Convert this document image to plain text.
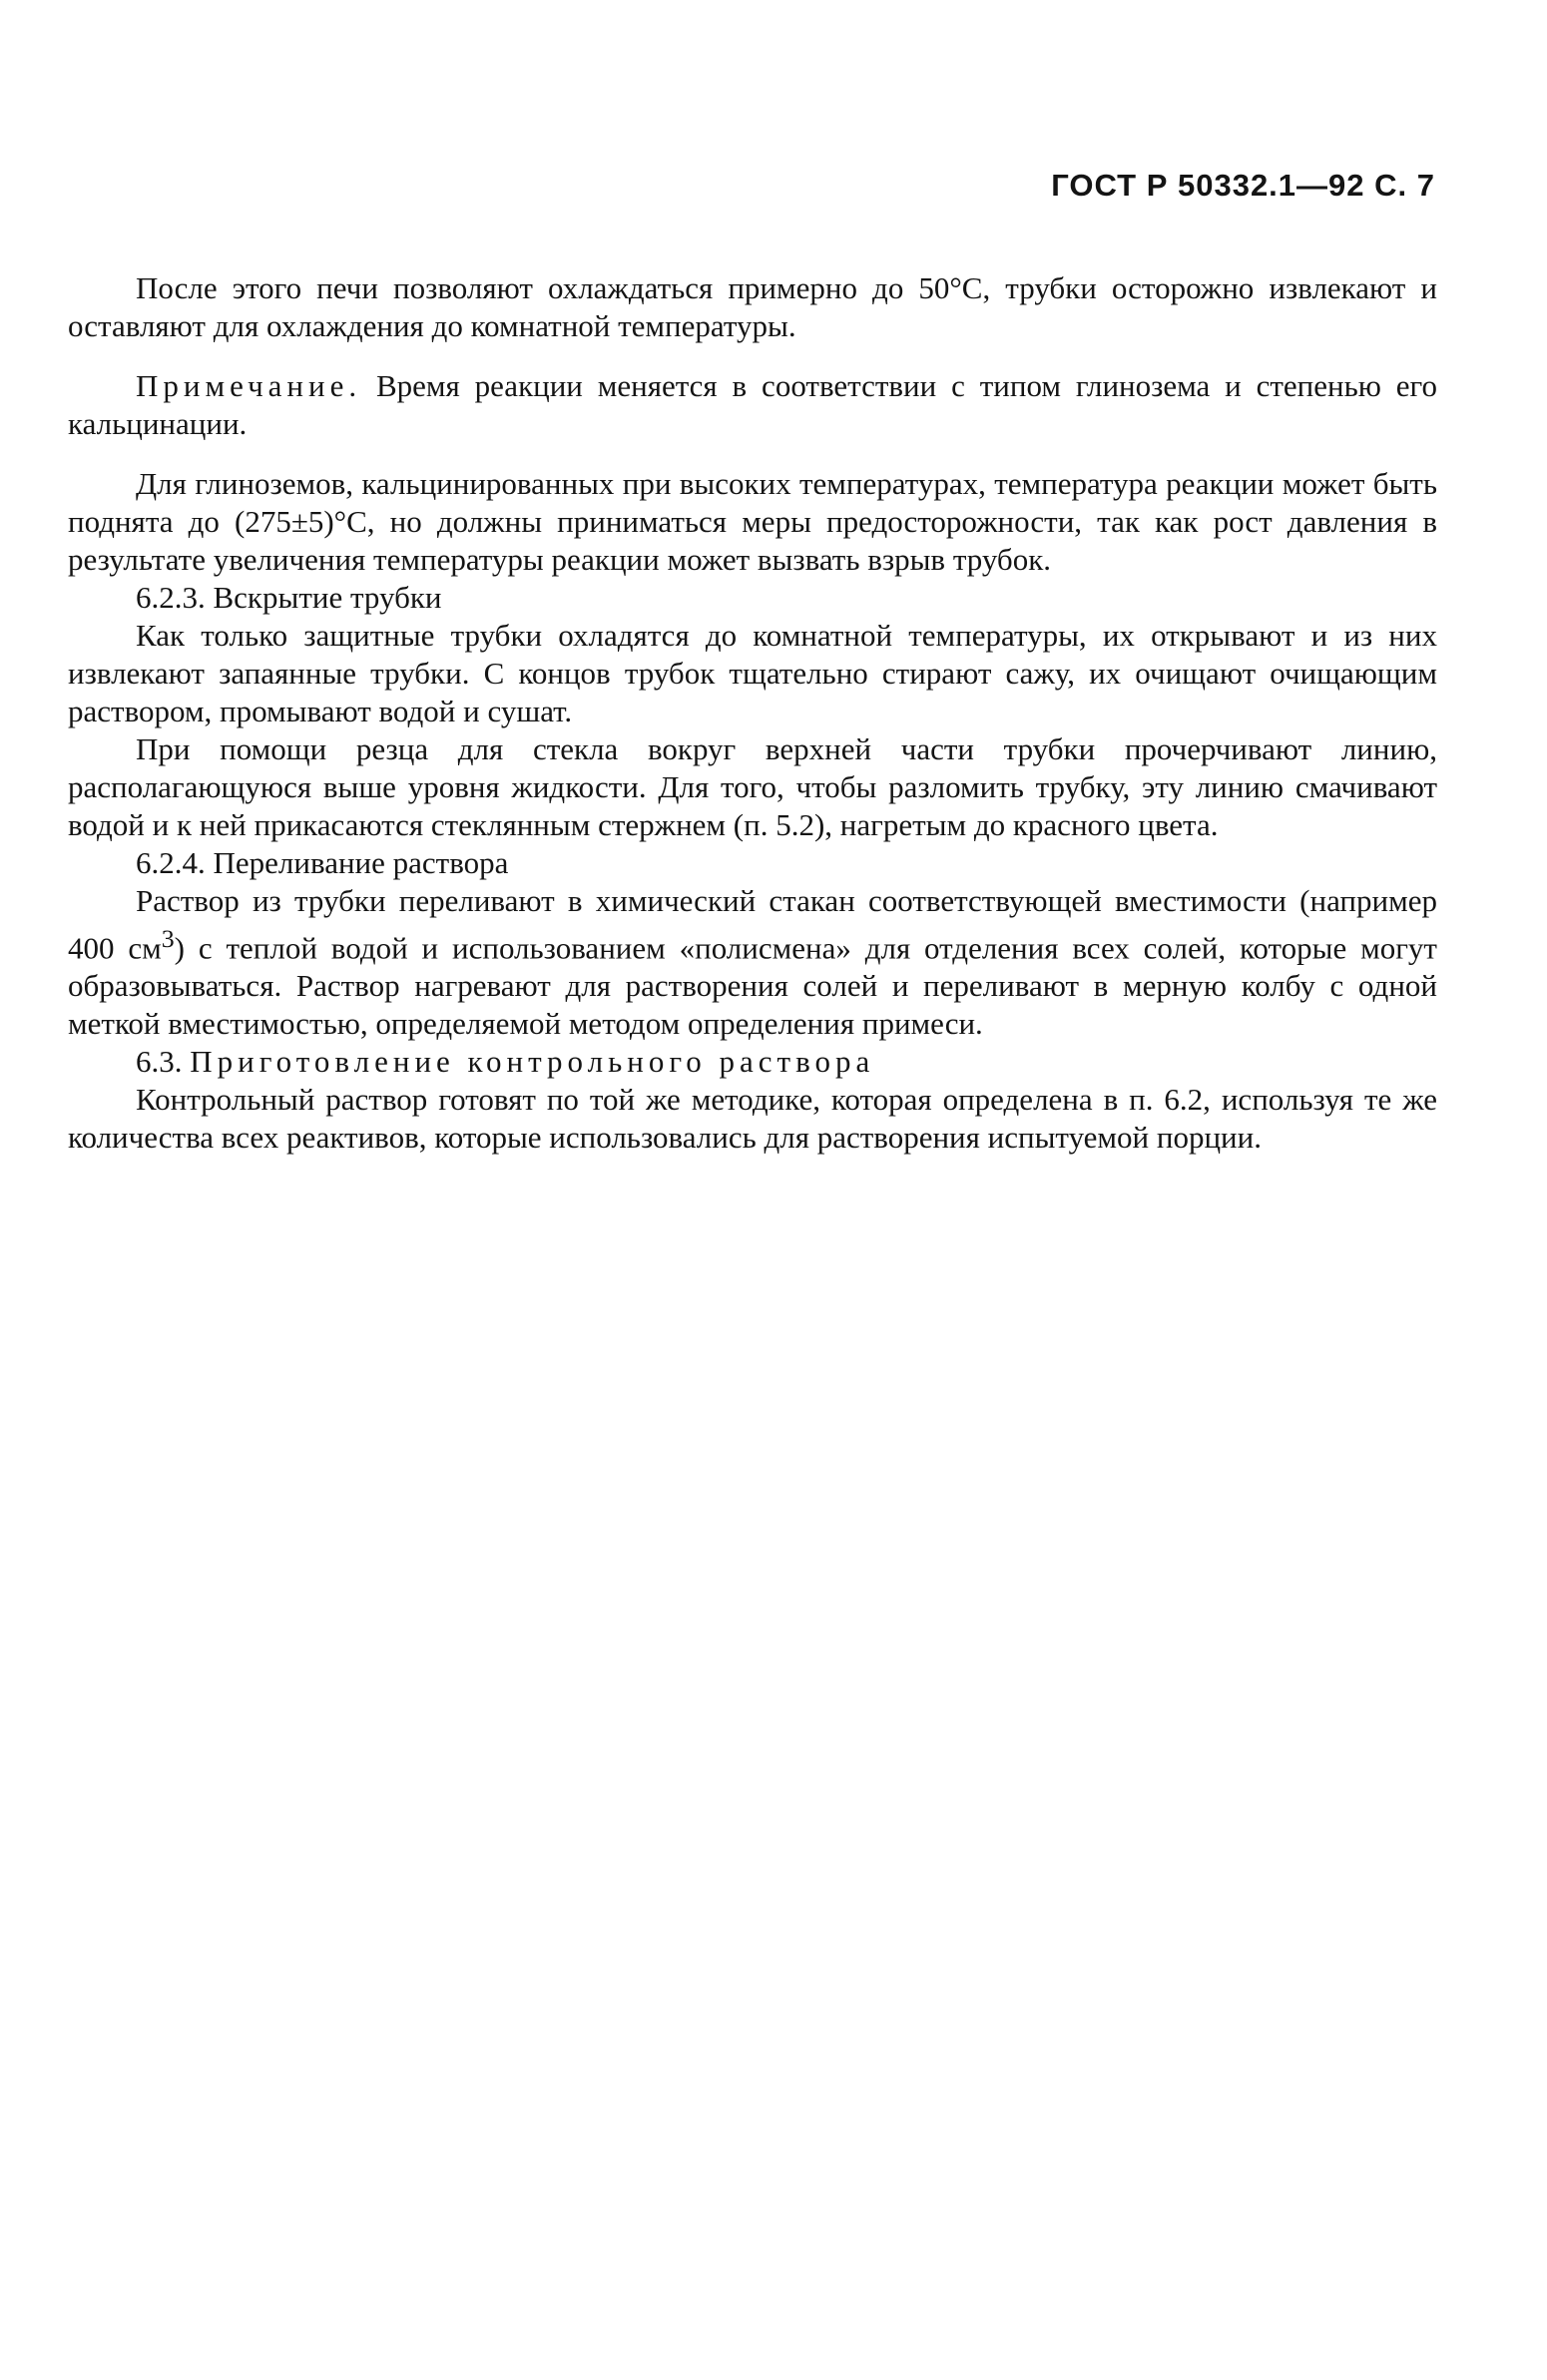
ГОСТ Р 50332.1—92 С. 7

После этого печи позволяют охлаждаться примерно до 50°С, трубки осторожно извлекают и оставляют для охлаждения до комнатной температуры.

Примечание. Время реакции меняется в соответствии с типом глинозема и степенью его кальцинации.

Для глиноземов, кальцинированных при высоких температурах, температура реакции может быть поднята до (275±5)°С, но должны приниматься меры предосторожности, так как рост давления в результате увеличения температуры реакции может вызвать взрыв трубок.

6.2.3. Вскрытие трубки

Как только защитные трубки охладятся до комнатной температуры, их открывают и из них извлекают запаянные трубки. С концов трубок тщательно стирают сажу, их очищают очищающим раствором, промывают водой и сушат.

При помощи резца для стекла вокруг верхней части трубки прочерчивают линию, располагающуюся выше уровня жидкости. Для того, чтобы разломить трубку, эту линию смачивают водой и к ней прикасаются стеклянным стержнем (п. 5.2), нагретым до красного цвета.

6.2.4. Переливание раствора

Раствор из трубки переливают в химический стакан соответствующей вместимости (например 400 $см^3$) с теплой водой и использованием «полисмена» для отделения всех солей, которые могут образовываться. Раствор нагревают для растворения солей и переливают в мерную колбу с одной меткой вместимостью, определяемой методом определения примеси.

6.3. Приготовление контрольного раствора

Контрольный раствор готовят по той же методике, которая определена в п. 6.2, используя те же количества всех реактивов, которые использовались для растворения испытуемой порции.
